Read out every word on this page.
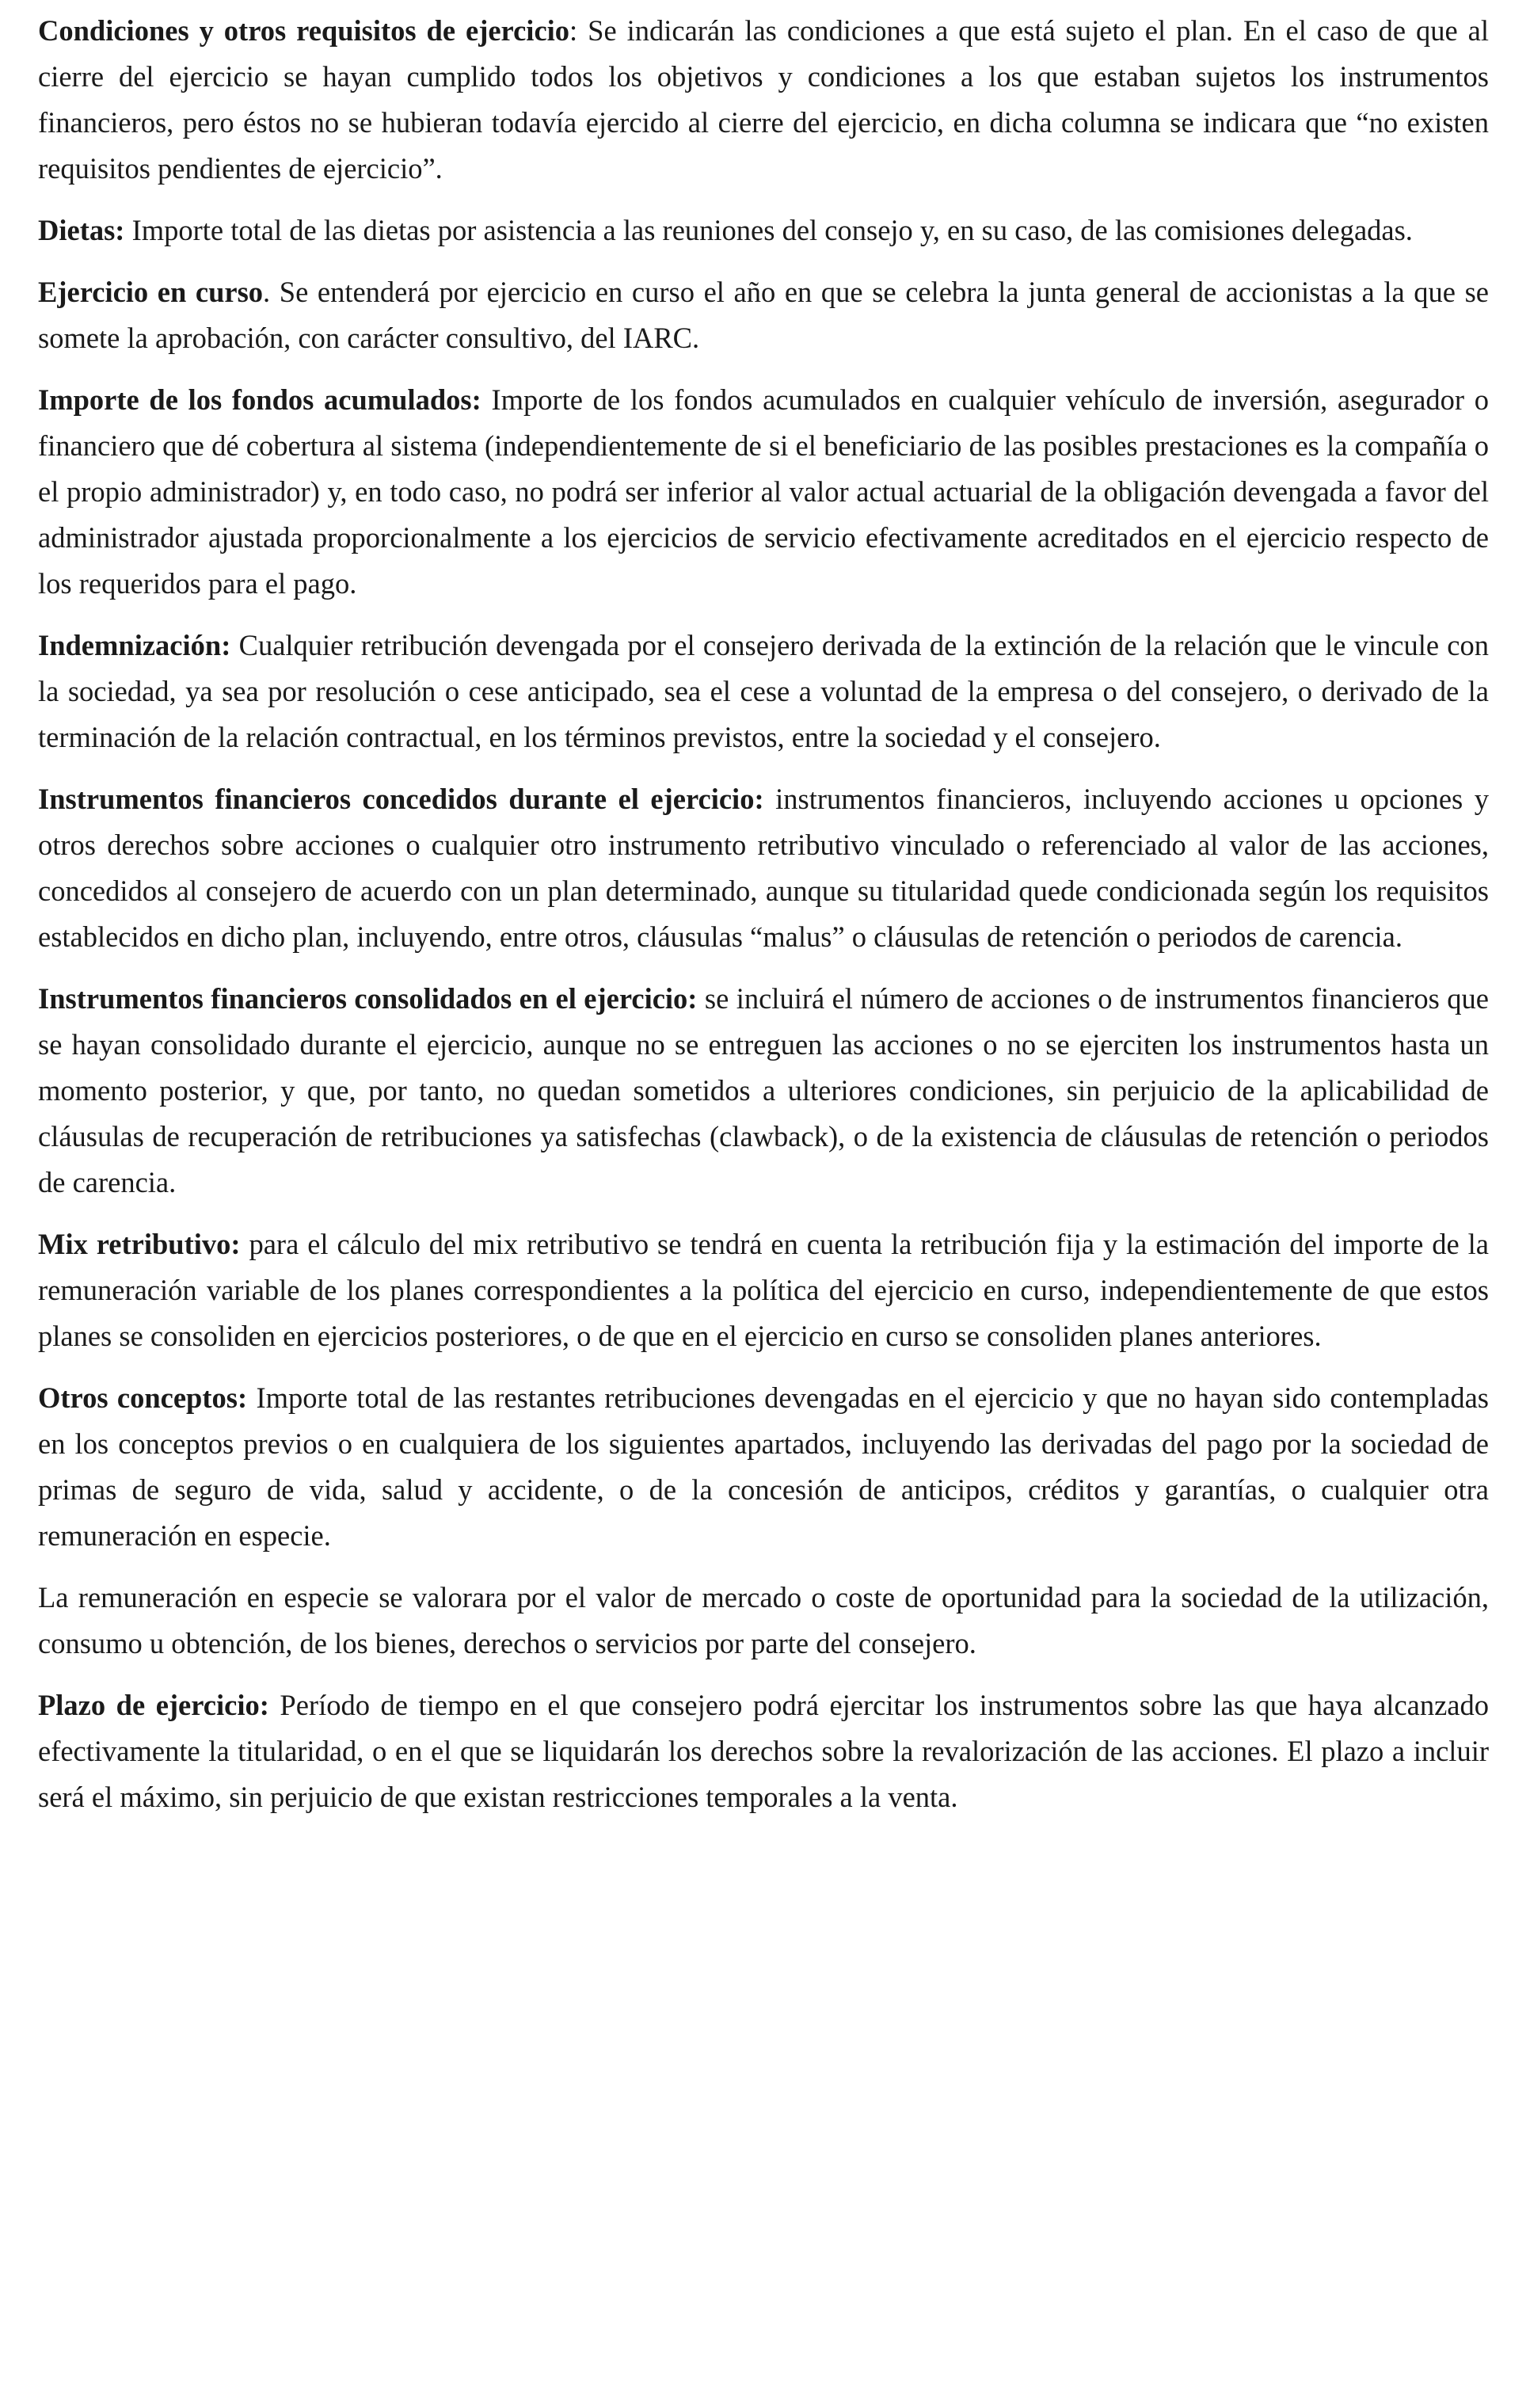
Condiciones y otros requisitos de ejercicio: Se indicarán las condiciones a que está sujeto el plan. En el caso de que al cierre del ejercicio se hayan cumplido todos los objetivos y condiciones a los que estaban sujetos los instrumentos financieros, pero éstos no se hubieran todavía ejercido al cierre del ejercicio, en dicha columna se indicara que “no existen requisitos pendientes de ejercicio”.

Dietas: Importe total de las dietas por asistencia a las reuniones del consejo y, en su caso, de las comisiones delegadas.

Ejercicio en curso. Se entenderá por ejercicio en curso el año en que se celebra la junta general de accionistas a la que se somete la aprobación, con carácter consultivo, del IARC.

Importe de los fondos acumulados: Importe de los fondos acumulados en cualquier vehículo de inversión, asegurador o financiero que dé cobertura al sistema (independientemente de si el beneficiario de las posibles prestaciones es la compañía o el propio administrador) y, en todo caso, no podrá ser inferior al valor actual actuarial de la obligación devengada a favor del administrador ajustada proporcionalmente a los ejercicios de servicio efectivamente acreditados en el ejercicio respecto de los requeridos para el pago.

Indemnización: Cualquier retribución devengada por el consejero derivada de la extinción de la relación que le vincule con la sociedad, ya sea por resolución o cese anticipado, sea el cese a voluntad de la empresa o del consejero, o derivado de la terminación de la relación contractual, en los términos previstos, entre la sociedad y el consejero.

Instrumentos financieros concedidos durante el ejercicio: instrumentos financieros, incluyendo acciones u opciones y otros derechos sobre acciones o cualquier otro instrumento retributivo vinculado o referenciado al valor de las acciones, concedidos al consejero de acuerdo con un plan determinado, aunque su titularidad quede condicionada según los requisitos establecidos en dicho plan, incluyendo, entre otros, cláusulas “malus” o cláusulas de retención o periodos de carencia.

Instrumentos financieros consolidados en el ejercicio: se incluirá el número de acciones o de instrumentos financieros que se hayan consolidado durante el ejercicio, aunque no se entreguen las acciones o no se ejerciten los instrumentos hasta un momento posterior, y que, por tanto, no quedan sometidos a ulteriores condiciones, sin perjuicio de la aplicabilidad de cláusulas de recuperación de retribuciones ya satisfechas (clawback), o de la existencia de cláusulas de retención o periodos de carencia.

Mix retributivo: para el cálculo del mix retributivo se tendrá en cuenta la retribución fija y la estimación del importe de la remuneración variable de los planes correspondientes a la política del ejercicio en curso, independientemente de que estos planes se consoliden en ejercicios posteriores, o de que en el ejercicio en curso se consoliden planes anteriores.

Otros conceptos: Importe total de las restantes retribuciones devengadas en el ejercicio y que no hayan sido contempladas en los conceptos previos o en cualquiera de los siguientes apartados, incluyendo las derivadas del pago por la sociedad de primas de seguro de vida, salud y accidente, o de la concesión de anticipos, créditos y garantías, o cualquier otra remuneración en especie.

La remuneración en especie se valorara por el valor de mercado o coste de oportunidad para la sociedad de la utilización, consumo u obtención, de los bienes, derechos o servicios por parte del consejero.

Plazo de ejercicio: Período de tiempo en el que consejero podrá ejercitar los instrumentos sobre las que haya alcanzado efectivamente la titularidad, o en el que se liquidarán los derechos sobre la revalorización de las acciones. El plazo a incluir será el máximo, sin perjuicio de que existan restricciones temporales a la venta.
